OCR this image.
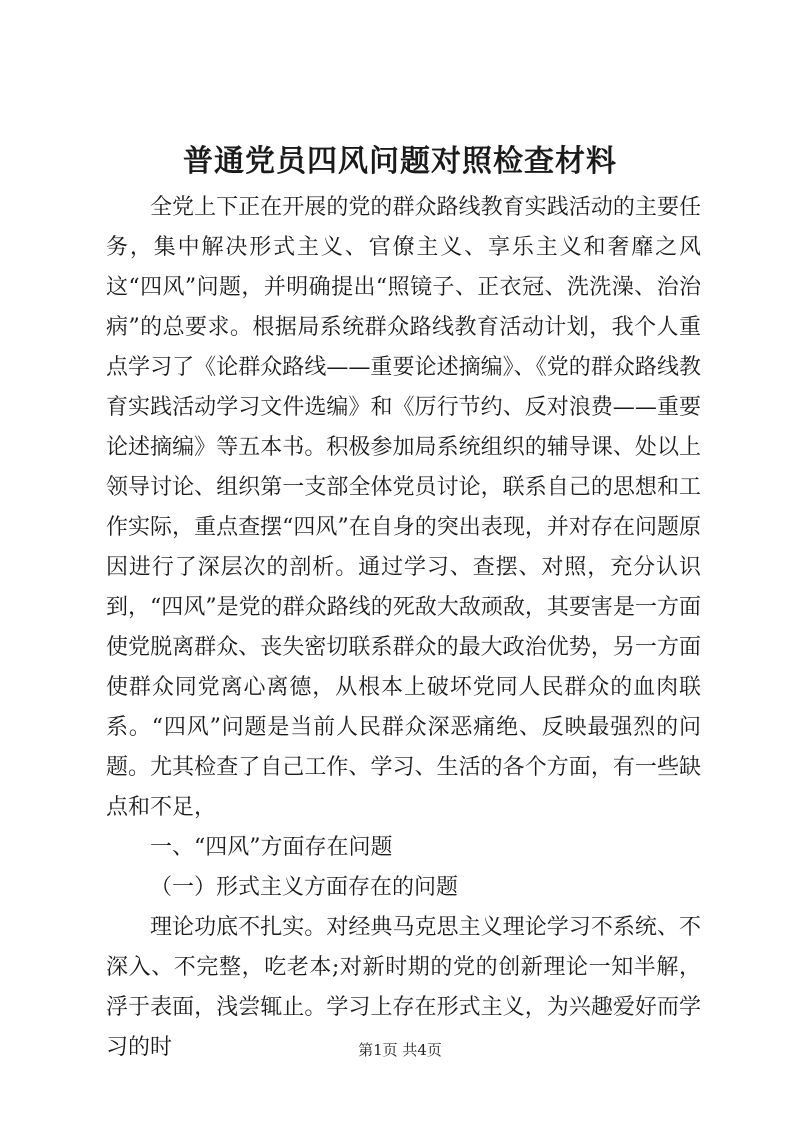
普通党员四风问题对照检查材料

全党上下正在开展的党的群众路线教育实践活动的主要任务，集中解决形式主义、官僚主义、享乐主义和奢靡之风这“四风”问题，并明确提出“照镜子、正衣冠、洗洗澡、治治病”的总要求。根据局系统群众路线教育活动计划，我个人重点学习了《论群众路线——重要论述摘编》、《党的群众路线教育实践活动学习文件选编》和《厉行节约、反对浪费——重要论述摘编》等五本书。积极参加局系统组织的辅导课、处以上领导讨论、组织第一支部全体党员讨论，联系自己的思想和工作实际，重点查摆“四风”在自身的突出表现，并对存在问题原因进行了深层次的剖析。通过学习、查摆、对照，充分认识到，“四风”是党的群众路线的死敌大敌顽敌，其要害是一方面使党脱离群众、丧失密切联系群众的最大政治优势，另一方面使群众同党离心离德，从根本上破坏党同人民群众的血肉联系。“四风”问题是当前人民群众深恶痛绝、反映最强烈的问题。尤其检查了自己工作、学习、生活的各个方面，有一些缺点和不足，

一、“四风”方面存在问题

（一）形式主义方面存在的问题

理论功底不扎实。对经典马克思主义理论学习不系统、不深入、不完整，吃老本;对新时期的党的创新理论一知半解，浮于表面，浅尝辄止。学习上存在形式主义，为兴趣爱好而学习的时	第1页 共4页
